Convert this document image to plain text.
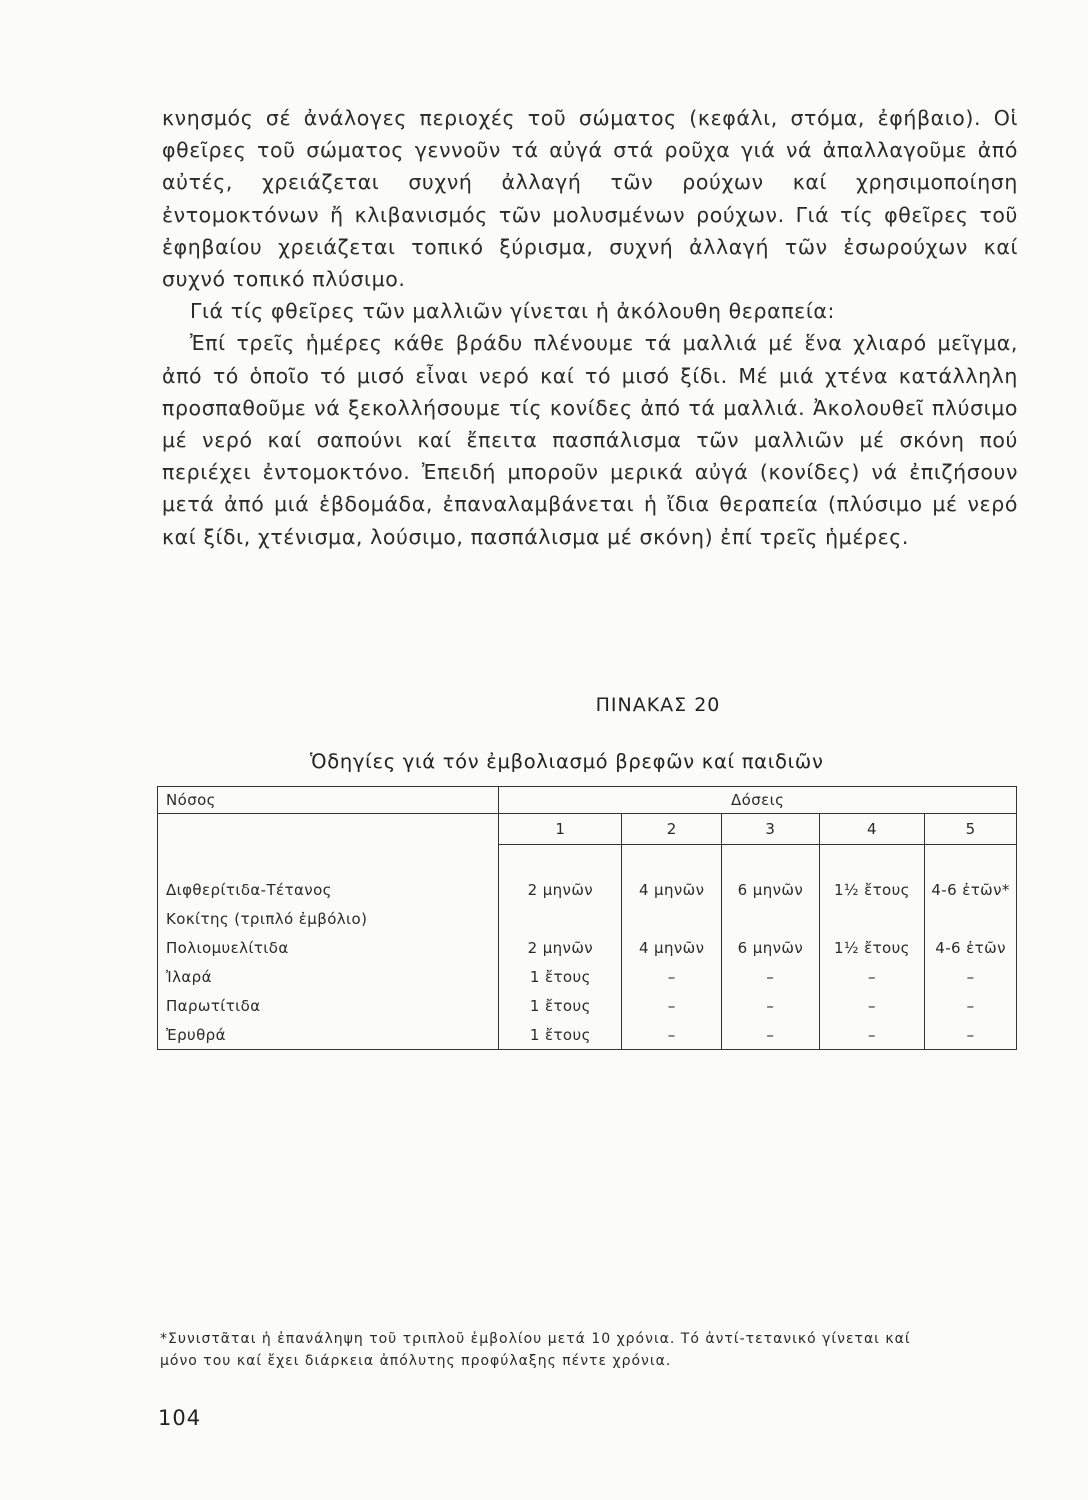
κνησμός σέ ἀνάλογες περιοχές τοῦ σώματος (κεφάλι, στόμα, ἐφήβαιο). Οἱ φθεῖρες τοῦ σώματος γεννοῦν τά αὐγά στά ροῦχα γιά νά ἀπαλλαγοῦμε ἀπό αὐτές, χρειάζεται συχνή ἀλλαγή τῶν ρούχων καί χρησιμοποίηση ἐντομοκτόνων ἤ κλιβανισμός τῶν μολυσμένων ρούχων. Γιά τίς φθεῖρες τοῦ ἐφηβαίου χρειάζεται τοπικό ξύρισμα, συχνή ἀλλαγή τῶν ἐσωρούχων καί συχνό τοπικό πλύσιμο.

Γιά τίς φθεῖρες τῶν μαλλιῶν γίνεται ἡ ἀκόλουθη θεραπεία:

Ἐπί τρεῖς ἡμέρες κάθε βράδυ πλένουμε τά μαλλιά μέ ἕνα χλιαρό μεῖγμα, ἀπό τό ὁποῖο τό μισό εἶναι νερό καί τό μισό ξίδι. Μέ μιά χτένα κατάλληλη προσπαθοῦμε νά ξεκολλήσουμε τίς κονίδες ἀπό τά μαλλιά. Ἀκολουθεῖ πλύσιμο μέ νερό καί σαπούνι καί ἔπειτα πασπάλισμα τῶν μαλλιῶν μέ σκόνη πού περιέχει ἐντομοκτόνο. Ἐπειδή μποροῦν μερικά αὐγά (κονίδες) νά ἐπιζήσουν μετά ἀπό μιά ἑβδομάδα, ἐπαναλαμβάνεται ἡ ἴδια θεραπεία (πλύσιμο μέ νερό καί ξίδι, χτένισμα, λούσιμο, πασπάλισμα μέ σκόνη) ἐπί τρεῖς ἡμέρες.

ΠΙΝΑΚΑΣ 20
Ὁδηγίες γιά τόν ἐμβολιασμό βρεφῶν καί παιδιῶν
Νόσος	Δόσεις				
	1	2	3	4	5

Διφθερίτιδα-Τέτανος	2 μηνῶν	4 μηνῶν	6 μηνῶν	1½ ἔτους	4-6 ἐτῶν*
Κοκίτης (τριπλό ἐμβόλιο)					
Πολιομυελίτιδα	2 μηνῶν	4 μηνῶν	6 μηνῶν	1½ ἔτους	4-6 ἐτῶν
Ἰλαρά	1 ἔτους	–	–	–	–
Παρωτίτιδα	1 ἔτους	–	–	–	–
Ἐρυθρά	1 ἔτους	–	–	–	–
*Συνιστᾶται ἡ ἐπανάληψη τοῦ τριπλοῦ ἐμβολίου μετά 10 χρόνια. Τό ἀντί-τετανικό γίνεται καί
μόνο του καί ἔχει διάρκεια ἀπόλυτης προφύλαξης πέντε χρόνια.
104
